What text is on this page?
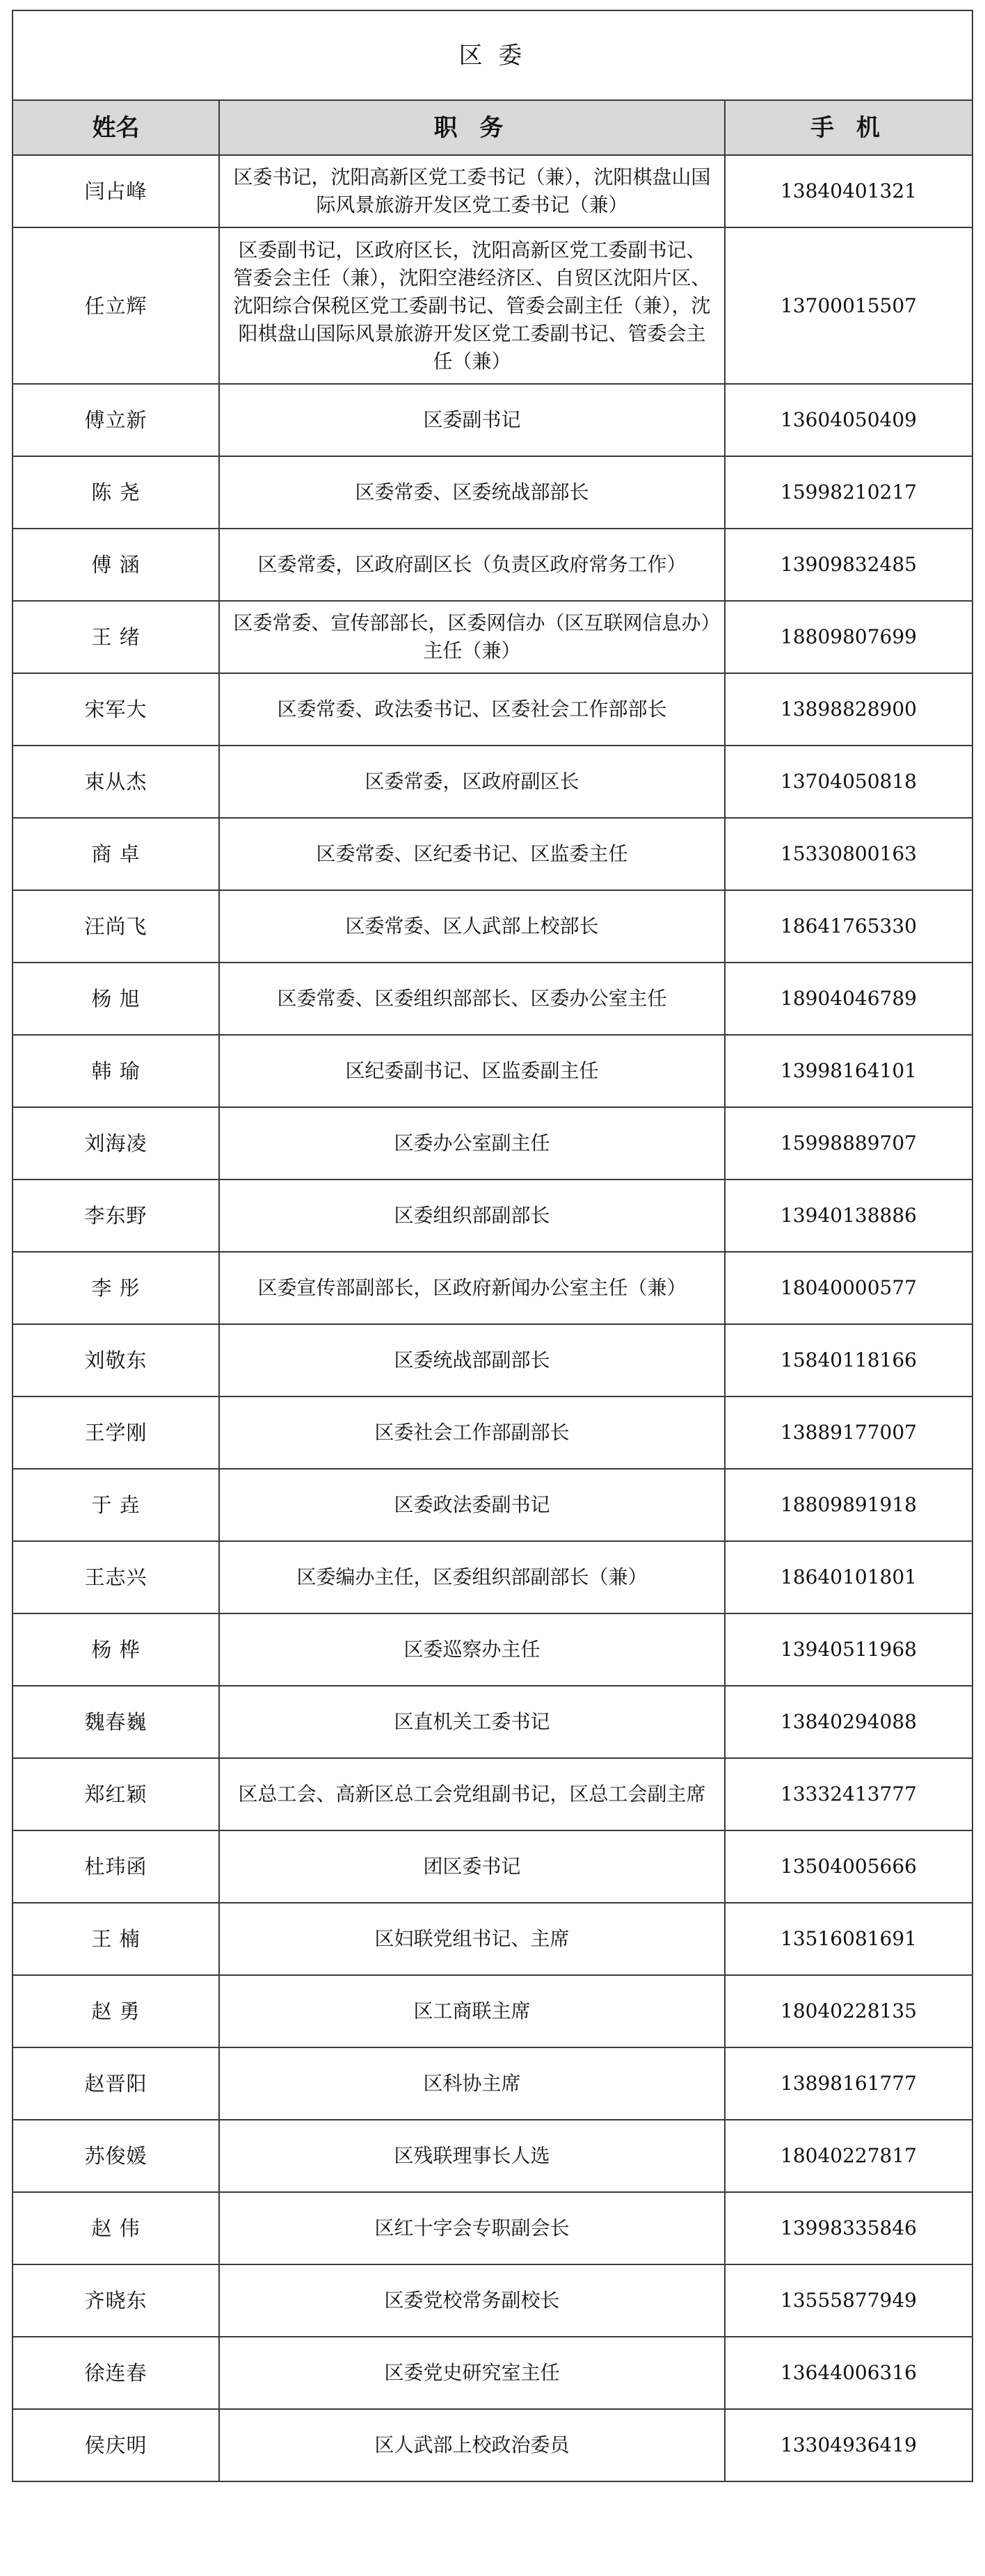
区 委		
姓名	职 务	手 机
闫占峰	区委书记，沈阳高新区党工委书记（兼），沈阳棋盘山国际风景旅游开发区党工委书记（兼）	13840401321
任立辉	区委副书记，区政府区长，沈阳高新区党工委副书记、管委会主任（兼），沈阳空港经济区、自贸区沈阳片区、沈阳综合保税区党工委副书记、管委会副主任（兼），沈阳棋盘山国际风景旅游开发区党工委副书记、管委会主任（兼）	13700015507
傅立新	区委副书记	13604050409
陈 尧	区委常委、区委统战部部长	15998210217
傅 涵	区委常委，区政府副区长（负责区政府常务工作）	13909832485
王 绪	区委常委、宣传部部长，区委网信办（区互联网信息办）主任（兼）	18809807699
宋军大	区委常委、政法委书记、区委社会工作部部长	13898828900
束从杰	区委常委，区政府副区长	13704050818
商 卓	区委常委、区纪委书记、区监委主任	15330800163
汪尚飞	区委常委、区人武部上校部长	18641765330
杨 旭	区委常委、区委组织部部长、区委办公室主任	18904046789
韩 瑜	区纪委副书记、区监委副主任	13998164101
刘海凌	区委办公室副主任	15998889707
李东野	区委组织部副部长	13940138886
李 彤	区委宣传部副部长，区政府新闻办公室主任（兼）	18040000577
刘敬东	区委统战部副部长	15840118166
王学刚	区委社会工作部副部长	13889177007
于 垚	区委政法委副书记	18809891918
王志兴	区委编办主任，区委组织部副部长（兼）	18640101801
杨 桦	区委巡察办主任	13940511968
魏春巍	区直机关工委书记	13840294088
郑红颖	区总工会、高新区总工会党组副书记，区总工会副主席	13332413777
杜玮函	团区委书记	13504005666
王 楠	区妇联党组书记、主席	13516081691
赵 勇	区工商联主席	18040228135
赵晋阳	区科协主席	13898161777
苏俊媛	区残联理事长人选	18040227817
赵 伟	区红十字会专职副会长	13998335846
齐晓东	区委党校常务副校长	13555877949
徐连春	区委党史研究室主任	13644006316
侯庆明	区人武部上校政治委员	13304936419
